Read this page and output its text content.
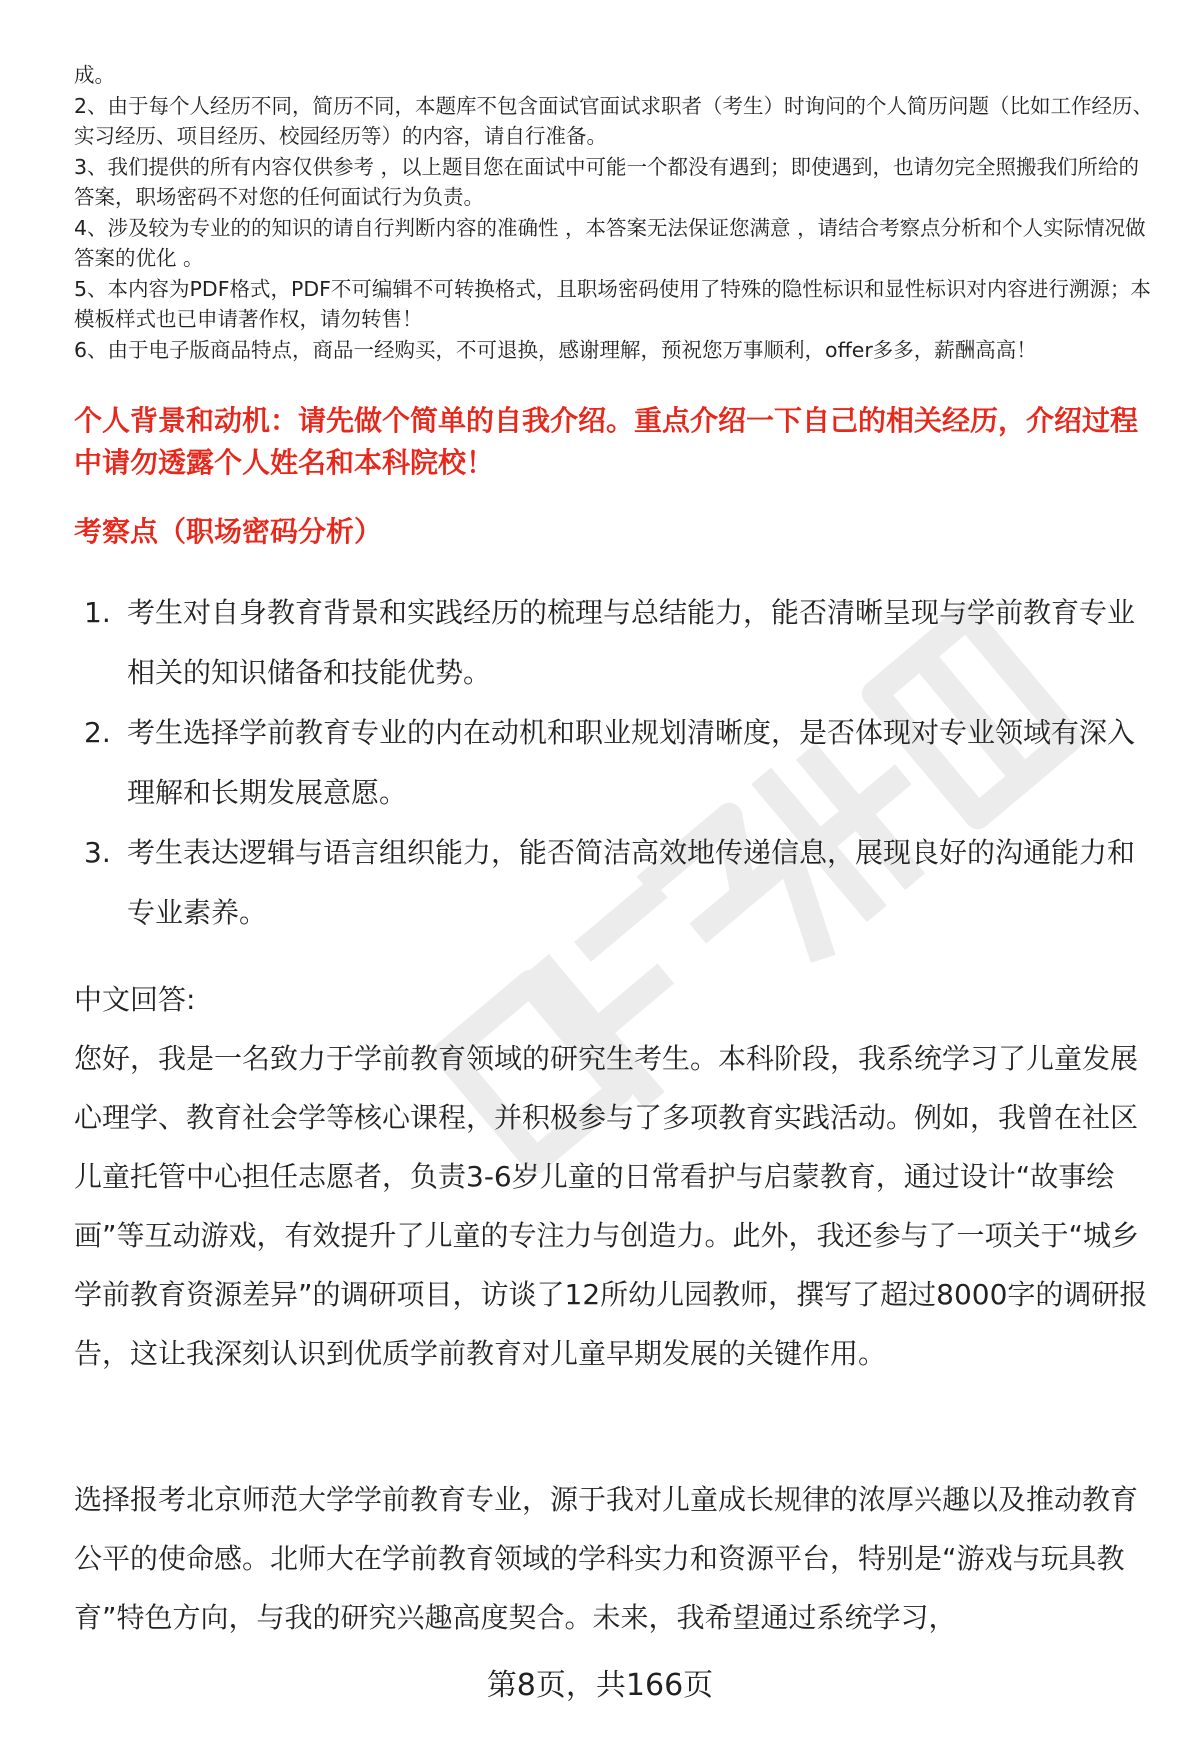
成。

2、由于每个人经历不同，简历不同，本题库不包含面试官面试求职者（考生）时询问的个人简历问题（比如工作经历、实习经历、项目经历、校园经历等）的内容，请自行准备。

3、我们提供的所有内容仅供参考 ，以上题目您在面试中可能一个都没有遇到；即使遇到，也请勿完全照搬我们所给的答案，职场密码不对您的任何面试行为负责。

4、涉及较为专业的的知识的请自行判断内容的准确性 ，本答案无法保证您满意 ，请结合考察点分析和个人实际情况做答案的优化 。

5、本内容为PDF格式，PDF不可编辑不可转换格式，且职场密码使用了特殊的隐性标识和显性标识对内容进行溯源；本模板样式也已申请著作权，请勿转售！

6、由于电子版商品特点，商品一经购买，不可退换，感谢理解，预祝您万事顺利，offer多多，薪酬高高！

个人背景和动机：请先做个简单的自我介绍。重点介绍一下自己的相关经历，介绍过程中请勿透露个人姓名和本科院校！
考察点（职场密码分析）
1. 考生对自身教育背景和实践经历的梳理与总结能力，能否清晰呈现与学前教育专业相关的知识储备和技能优势。
2. 考生选择学前教育专业的内在动机和职业规划清晰度，是否体现对专业领域有深入理解和长期发展意愿。
3. 考生表达逻辑与语言组织能力，能否简洁高效地传递信息，展现良好的沟通能力和专业素养。

中文回答:

您好，我是一名致力于学前教育领域的研究生考生。本科阶段，我系统学习了儿童发展心理学、教育社会学等核心课程，并积极参与了多项教育实践活动。例如，我曾在社区儿童托管中心担任志愿者，负责3-6岁儿童的日常看护与启蒙教育，通过设计“故事绘画”等互动游戏，有效提升了儿童的专注力与创造力。此外，我还参与了一项关于“城乡学前教育资源差异”的调研项目，访谈了12所幼儿园教师，撰写了超过8000字的调研报告，这让我深刻认识到优质学前教育对儿童早期发展的关键作用。

选择报考北京师范大学学前教育专业，源于我对儿童成长规律的浓厚兴趣以及推动教育公平的使命感。北师大在学前教育领域的学科实力和资源平台，特别是“游戏与玩具教育”特色方向，与我的研究兴趣高度契合。未来，我希望通过系统学习，

第8页，共166页
